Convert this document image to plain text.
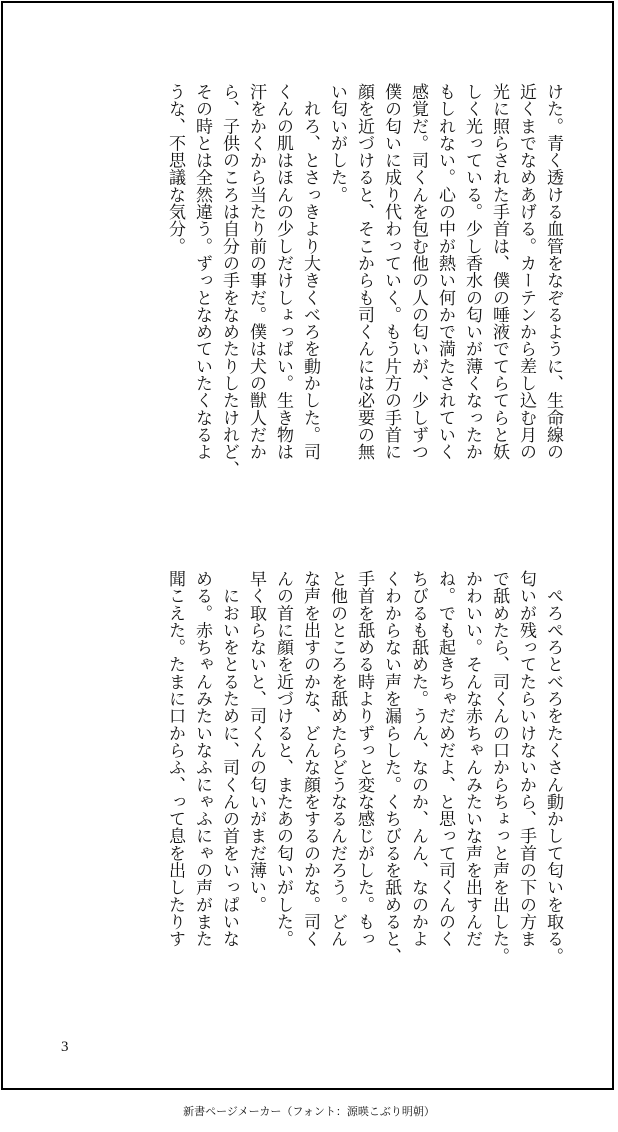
けた。青く透ける血管をなぞるように、生命線の

近くまでなめあげる。カーテンから差し込む月の

光に照らされた手首は、僕の唾液でてらてらと妖

しく光っている。少し香水の匂いが薄くなったか

もしれない。心の中が熱い何かで満たされていく

感覚だ。司くんを包む他の人の匂いが、少しずつ

僕の匂いに成り代わっていく。もう片方の手首に

顔を近づけると、そこからも司くんには必要の無

い匂いがした。

　れろ、とさっきより大きくべろを動かした。司

くんの肌はほんの少しだけしょっぱい。生き物は

汗をかくから当たり前の事だ。僕は犬の獣人だか

ら、子供のころは自分の手をなめたりしたけれど、

その時とは全然違う。ずっとなめていたくなるよ

うな、不思議な気分。

　ぺろぺろとべろをたくさん動かして匂いを取る。

匂いが残ってたらいけないから、手首の下の方ま

で舐めたら、司くんの口からちょっと声を出した。

かわいい。そんな赤ちゃんみたいな声を出すんだ

ね。でも起きちゃだめだよ、と思って司くんのく

ちびるも舐めた。うん、なのか、んん、なのかよ

くわからない声を漏らした。くちびるを舐めると、

手首を舐める時よりずっと変な感じがした。もっ

と他のところを舐めたらどうなるんだろう。どん

な声を出すのかな、どんな顔をするのかな。司く

んの首に顔を近づけると、またあの匂いがした。

早く取らないと、司くんの匂いがまだ薄い。

　においをとるために、司くんの首をいっぱいな

める。赤ちゃんみたいなふにゃふにゃの声がまた

聞こえた。たまに口からふ、って息を出したりす

3
新書ページメーカー（フォント：源暎こぶり明朝）
